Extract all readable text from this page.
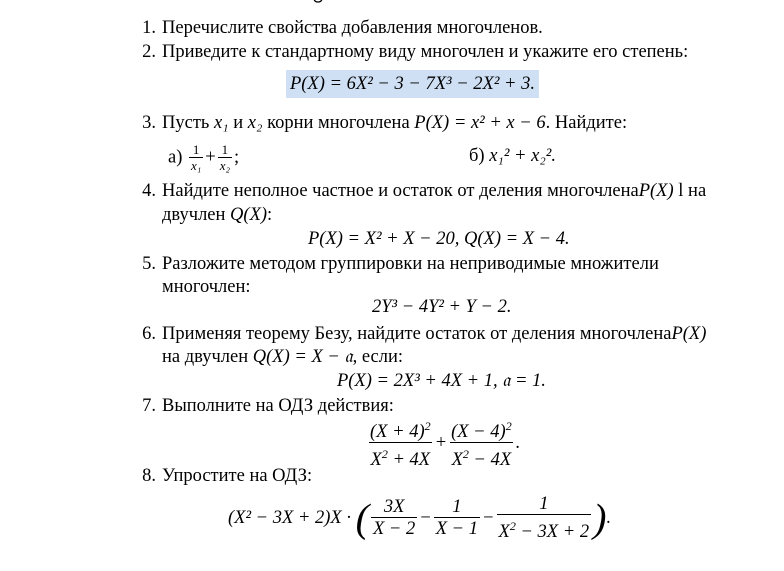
1. Перечислите свойства добавления многочленов.
2. Приведите к стандартному виду многочлен и укажите его степень:
P(X) = 6X² − 3 − 7X³ − 2X² + 3.
3. Пусть x₁ и x₂ корни многочлена P(X) = x² + x − 6. Найдите:
$а) \frac{1}{\text{x₁}} + \frac{1}{\text{x₂}}$ ;	б) x₁² + x₂².
4. Найдите неполное частное и остаток от деления многочленаP(X) l на
двучлен Q(X):
P(X) = X² + X − 20, Q(X) = X − 4.
5. Разложите методом группировки на неприводимые множители
многочлен:
2Y³ − 4Y² + Y − 2.
6. Применяя теорему Безу, найдите остаток от деления многочленаP(X)
на двучлен Q(X) = X − 𝔞, если:
P(X) = 2X³ + 4X + 1, 𝔞 = 1.
7. Выполните на ОДЗ действия:
$\frac{(X + 4)^2}{X^2 + 4X} + \frac{(X - 4)^2}{X^2 - 4X}$ .
8. Упростите на ОДЗ:
(X² − 3X + 2)X · ( $\frac{3X}{X - 2} - \frac{1}{X - 1} - \frac{1}{X^2 - 3X + 2}$ ).
